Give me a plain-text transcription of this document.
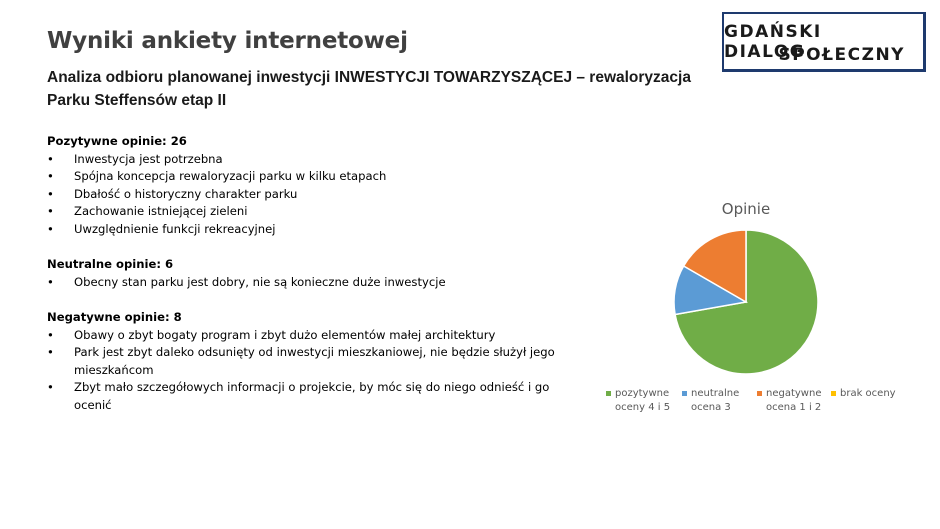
Wyniki ankiety internetowej
Analiza odbioru planowanej inwestycji INWESTYCJI TOWARZYSZĄCEJ – rewaloryzacja Parku Steffensów etap II
GDAŃSKI DIALOG
SPOŁECZNY

Pozytywne opinie: 26

• Inwestycja jest potrzebna
• Spójna koncepcja rewaloryzacji parku w kilku etapach
• Dbałość o historyczny charakter parku
• Zachowanie istniejącej zieleni
• Uwzględnienie funkcji rekreacyjnej

Neutralne opinie: 6

• Obecny stan parku jest dobry, nie są konieczne duże inwestycje

Negatywne opinie: 8

• Obawy o zbyt bogaty program i zbyt dużo elementów małej architektury
• Park jest zbyt daleko odsunięty od inwestycji mieszkaniowej, nie będzie służył jego mieszkańcom
• Zbyt mało szczegółowych informacji o projekcie, by móc się do niego odnieść i go ocenić
Opinie
pozytywne oceny 4 i 5
neutralne ocena 3
negatywne ocena 1 i 2
brak oceny
